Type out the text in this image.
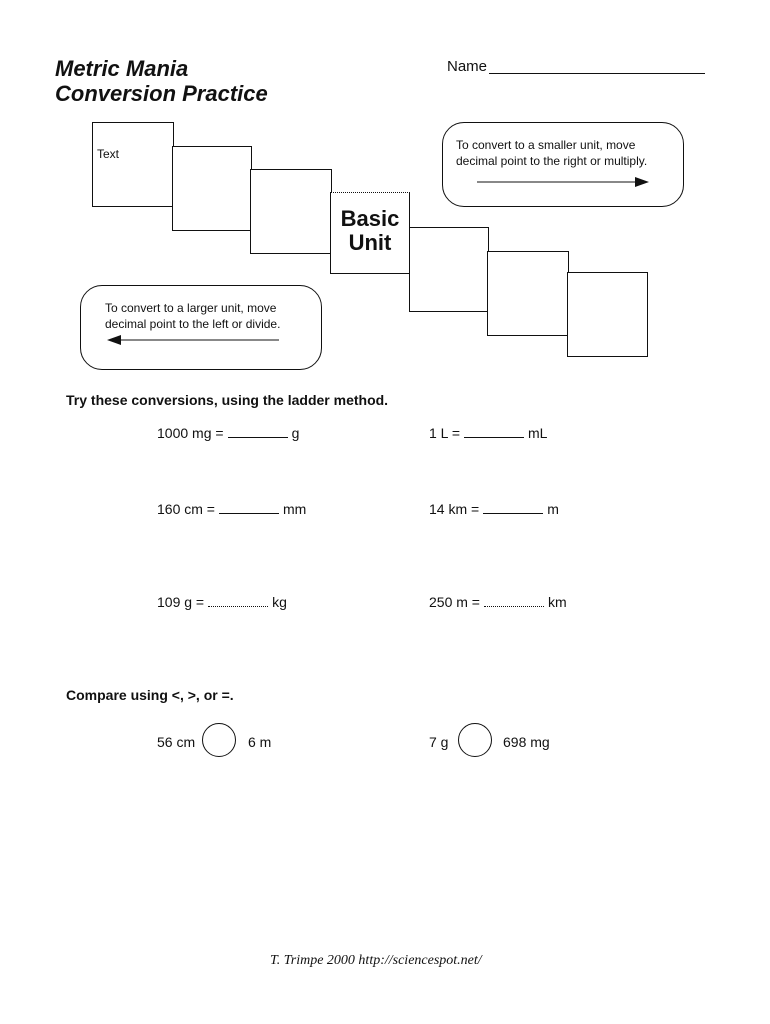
Metric Mania
Conversion Practice
Name
Text
Basic
Unit
To convert to a smaller unit, move
decimal point to the right or multiply.
To convert to a larger unit, move
decimal point to the left or divide.
Try these conversions, using the ladder method.
1000 mg =	g	1 L =	mL
160 cm =	mm	14 km =	m
109 g =	kg	250 m =	km
Compare using <, >, or =.
56 cm	6 m	7 g	698 mg
T. Trimpe 2000 http://sciencespot.net/
